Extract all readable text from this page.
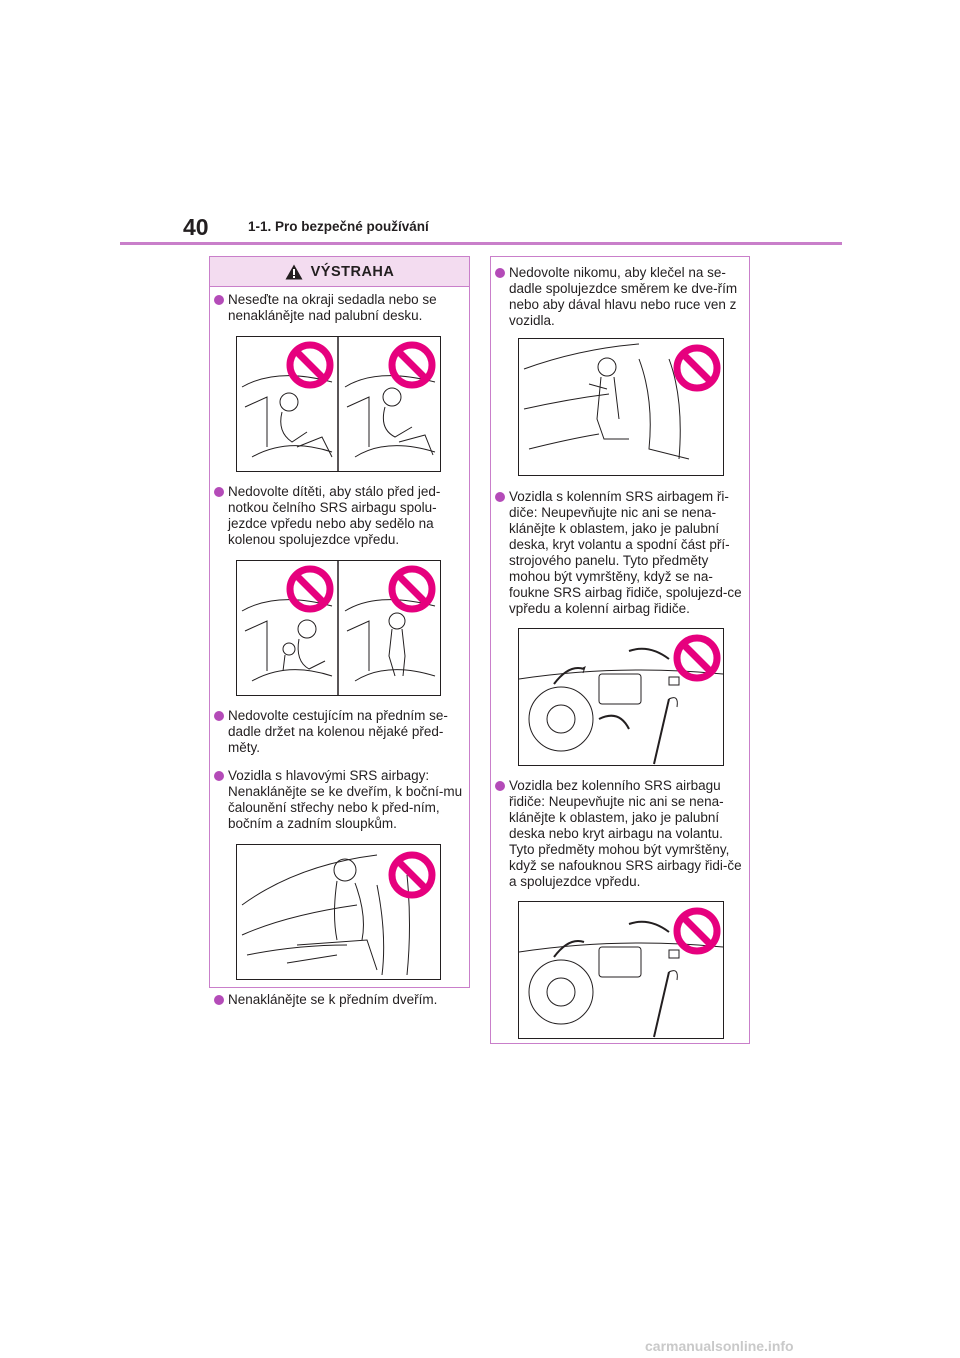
40	1-1. Pro bezpečné používání
VÝSTRAHA
Neseďte na okraji sedadla nebo se nenaklánějte nad palubní desku.
Nedovolte dítěti, aby stálo před jed-notkou čelního SRS airbagu spolu-jezdce vpředu nebo aby sedělo na kolenou spolujezdce vpředu.
Nedovolte cestujícím na předním se-dadle držet na kolenou nějaké před-měty.
Vozidla s hlavovými SRS airbagy: Nenaklánějte se ke dveřím, k boční-mu čalounění střechy nebo k před-ním, bočním a zadním sloupkům.
Nenaklánějte se k předním dveřím.
Nedovolte nikomu, aby klečel na se-dadle spolujezdce směrem ke dve-řím nebo aby dával hlavu nebo ruce ven z vozidla.
Vozidla s kolenním SRS airbagem ři-diče: Neupevňujte nic ani se nena-klánějte k oblastem, jako je palubní deska, kryt volantu a spodní část pří-strojového panelu. Tyto předměty mohou být vymrštěny, když se na-foukne SRS airbag řidiče, spolujezd-ce vpředu a kolenní airbag řidiče.
Vozidla bez kolenního SRS airbagu řidiče: Neupevňujte nic ani se nena-klánějte k oblastem, jako je palubní deska nebo kryt airbagu na volantu. Tyto předměty mohou být vymrštěny, když se nafouknou SRS airbagy řidi-če a spolujezdce vpředu.
carmanualsonline.info
